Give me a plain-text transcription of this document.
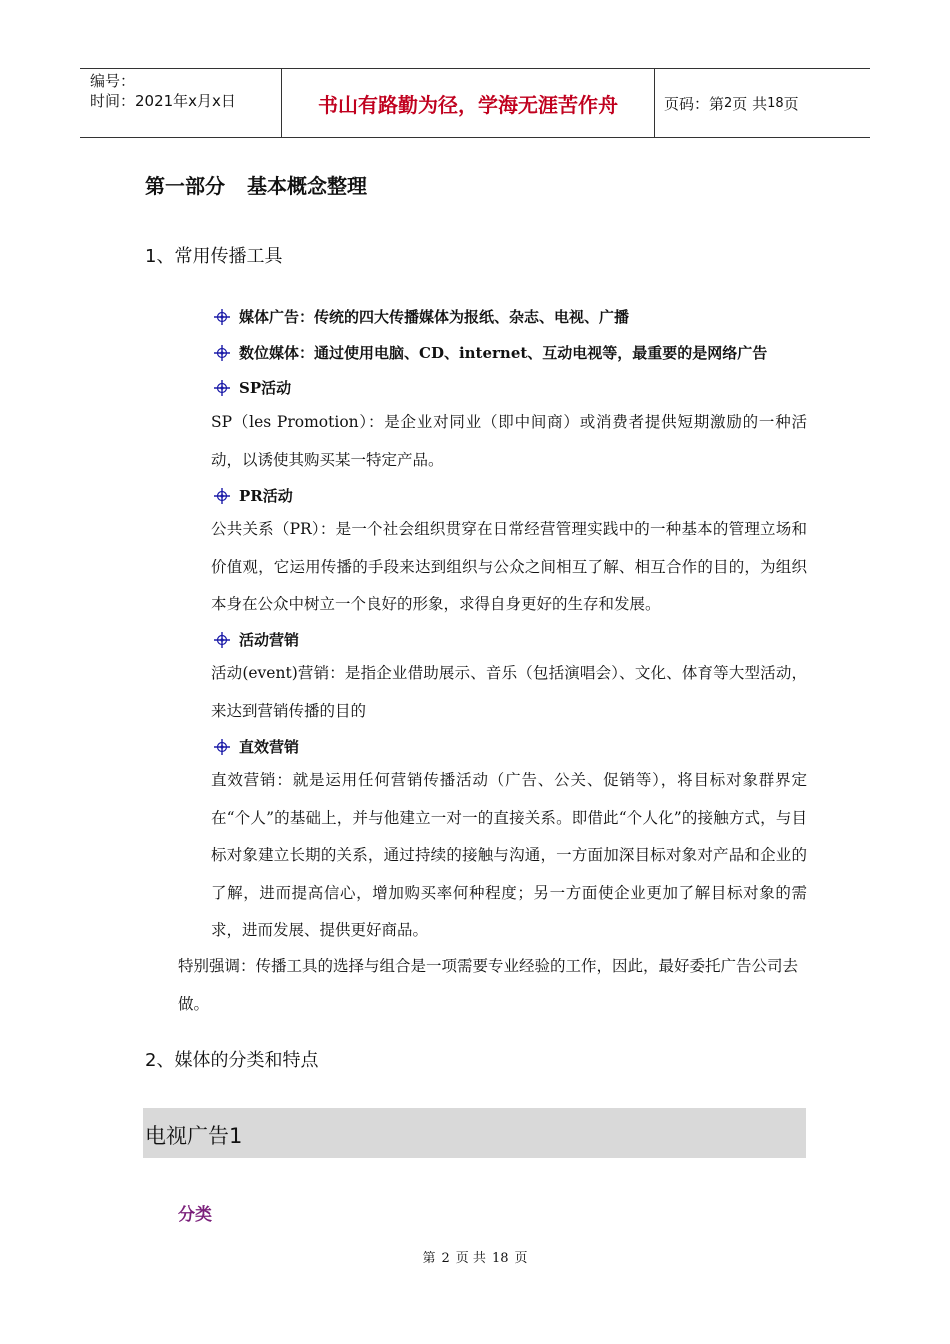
编号：
时间：2021年x月x日	书山有路勤为径，学海无涯苦作舟	页码：第 2 页 共 18 页
第一部分 基本概念整理
1、常用传播工具
媒体广告：传统的四大传播媒体为报纸、杂志、电视、广播
数位媒体：通过使用电脑、CD、internet、互动电视等，最重要的是网络广告
SP活动
SP（les Promotion）：是企业对同业（即中间商）或消费者提供短期激励的一种活动，以诱使其购买某一特定产品。
PR活动
公共关系（PR）：是一个社会组织贯穿在日常经营管理实践中的一种基本的管理立场和价值观，它运用传播的手段来达到组织与公众之间相互了解、相互合作的目的，为组织本身在公众中树立一个良好的形象，求得自身更好的生存和发展。
活动营销
活动(event)营销：是指企业借助展示、音乐（包括演唱会）、文化、体育等大型活动，来达到营销传播的目的
直效营销
直效营销：就是运用任何营销传播活动（广告、公关、促销等），将目标对象群界定在“个人”的基础上，并与他建立一对一的直接关系。即借此“个人化”的接触方式，与目标对象建立长期的关系，通过持续的接触与沟通，一方面加深目标对象对产品和企业的了解，进而提高信心，增加购买率何种程度；另一方面使企业更加了解目标对象的需求，进而发展、提供更好商品。
特别强调：传播工具的选择与组合是一项需要专业经验的工作，因此，最好委托广告公司去做。
2、媒体的分类和特点
电视广告1
分类
第 2 页 共 18 页
